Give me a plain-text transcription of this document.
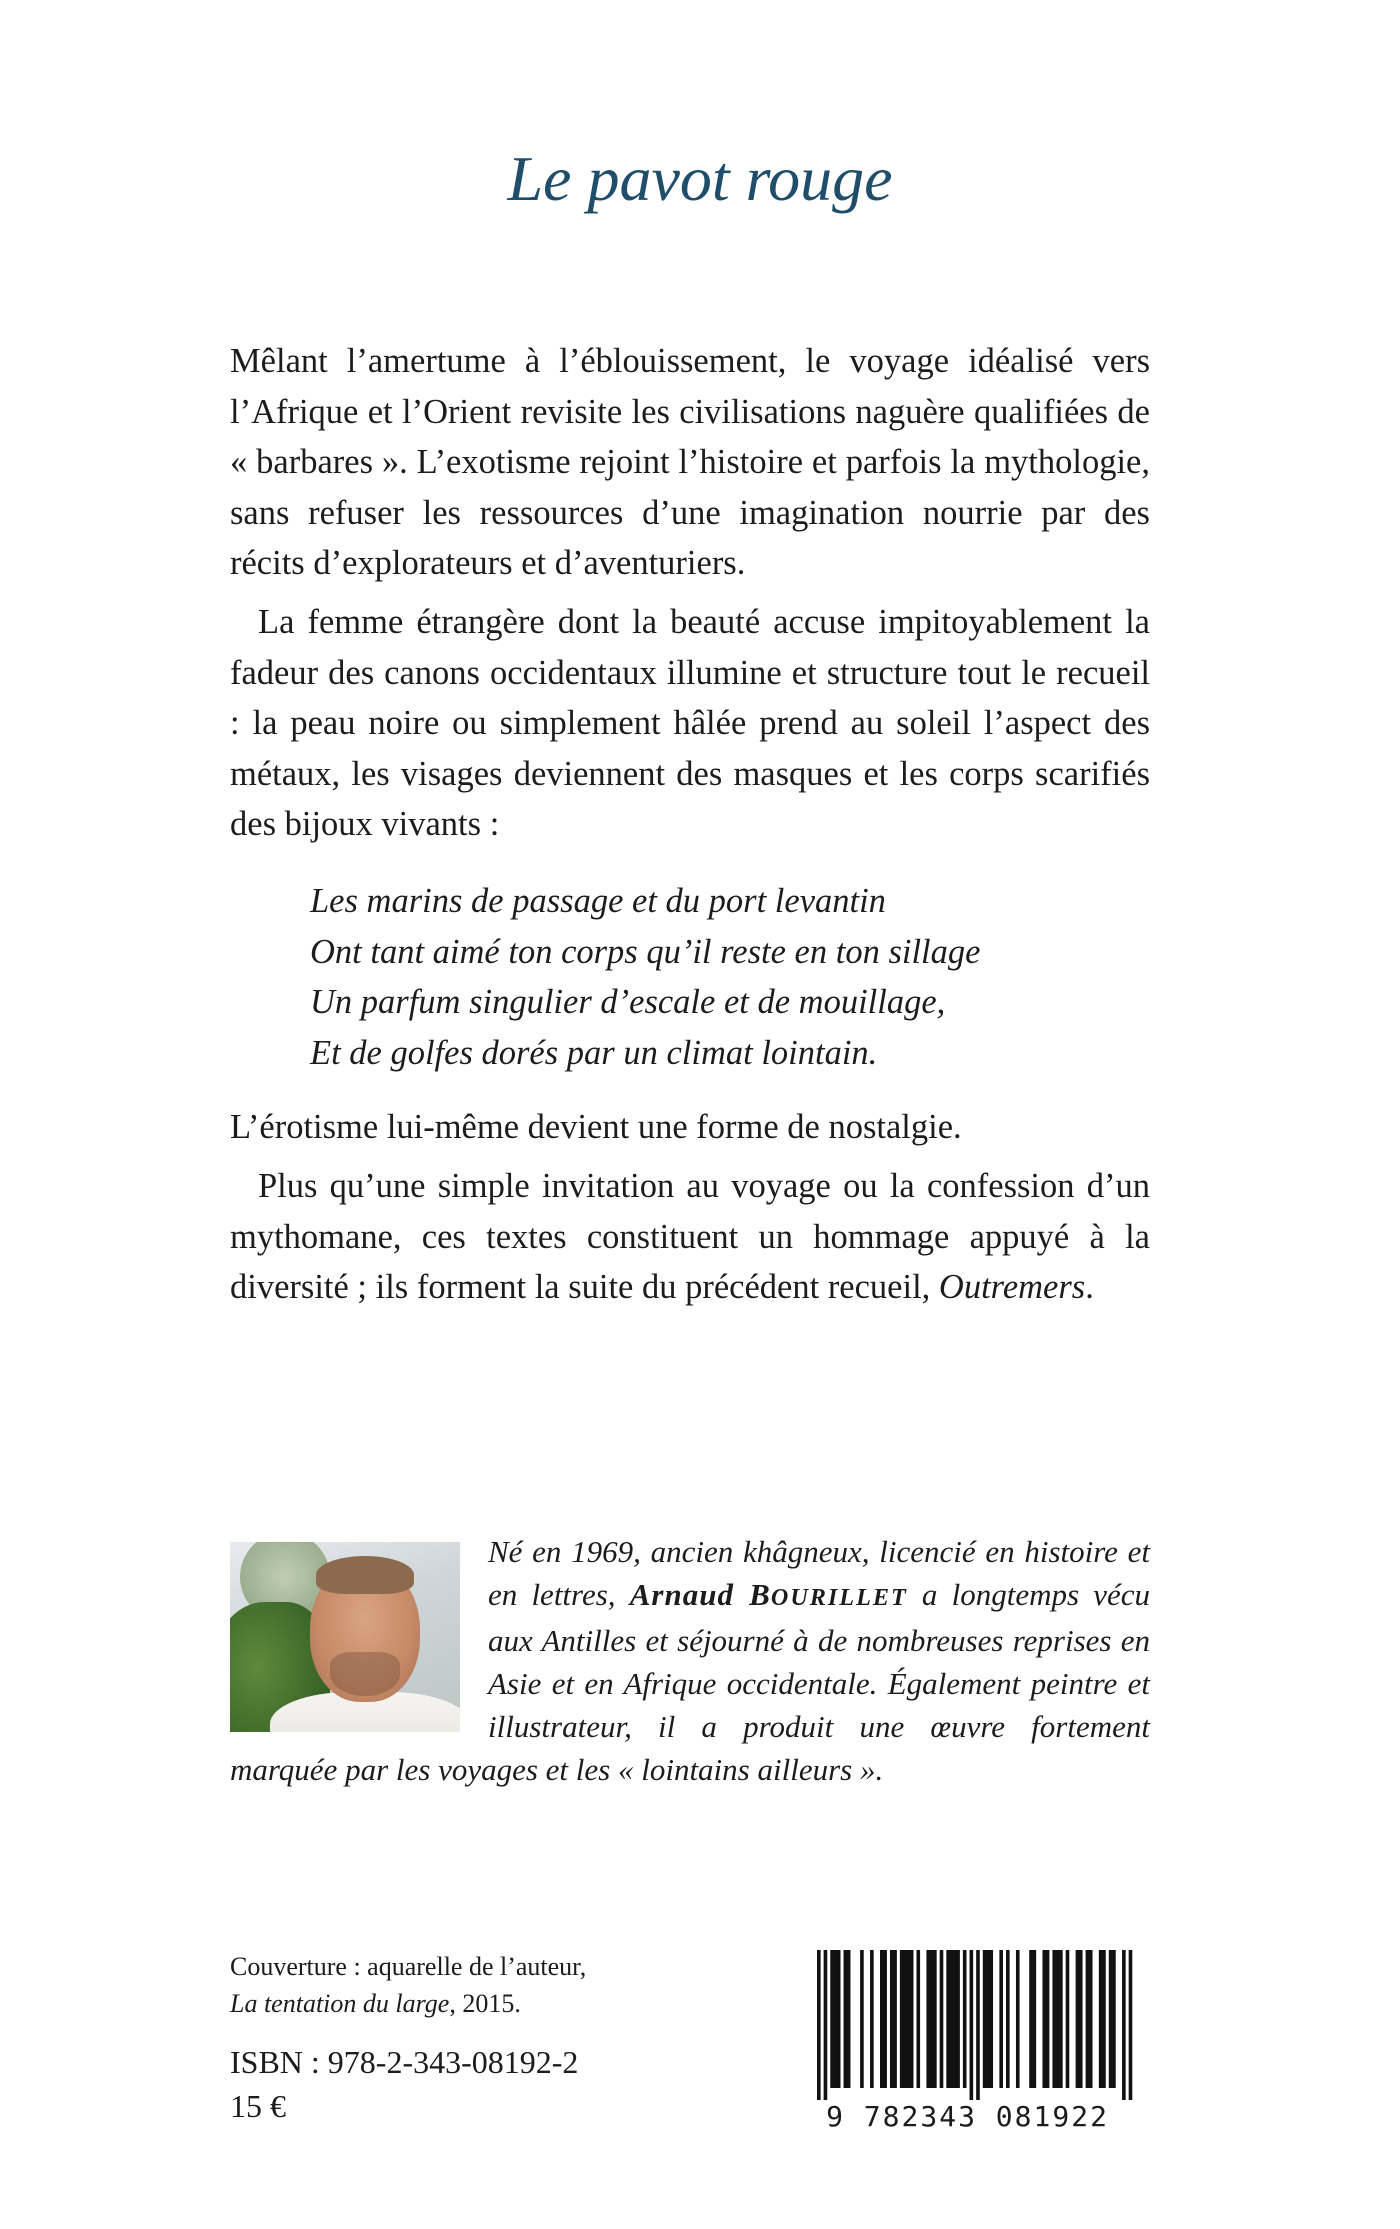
Le pavot rouge

Mêlant l’amertume à l’éblouissement, le voyage idéalisé vers l’Afrique et l’Orient revisite les civilisations naguère qualifiées de « barbares ». L’exotisme rejoint l’histoire et parfois la mythologie, sans refuser les ressources d’une imagination nourrie par des récits d’explorateurs et d’aventuriers.

La femme étrangère dont la beauté accuse impitoyablement la fadeur des canons occidentaux illumine et structure tout le recueil : la peau noire ou simplement hâlée prend au soleil l’aspect des métaux, les visages deviennent des masques et les corps scarifiés des bijoux vivants :

Les marins de passage et du port levantin
Ont tant aimé ton corps qu’il reste en ton sillage
Un parfum singulier d’escale et de mouillage,
Et de golfes dorés par un climat lointain.

L’érotisme lui-même devient une forme de nostalgie.

Plus qu’une simple invitation au voyage ou la confession d’un mythomane, ces textes constituent un hommage appuyé à la diversité ; ils forment la suite du précédent recueil, Outremers.

Né en 1969, ancien khâgneux, licencié en histoire et en lettres, Arnaud BOURILLET a longtemps vécu aux Antilles et séjourné à de nombreuses reprises en Asie et en Afrique occidentale. Également peintre et illustrateur, il a produit une œuvre fortement marquée par les voyages et les « lointains ailleurs ».

Couverture : aquarelle de l’auteur,
La tentation du large, 2015.
ISBN : 978-2-343-08192-2
15 €	9 782343 081922
